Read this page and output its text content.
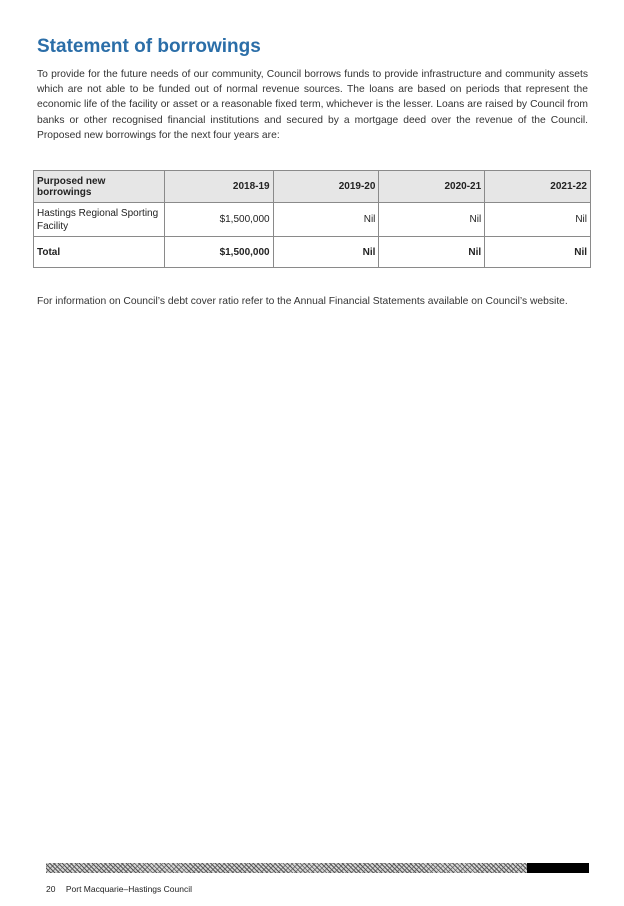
Statement of borrowings

To provide for the future needs of our community, Council borrows funds to provide infrastructure and community assets which are not able to be funded out of normal revenue sources. The loans are based on periods that represent the economic life of the facility or asset or a reasonable fixed term, whichever is the lesser. Loans are raised by Council from banks or other recognised financial institutions and secured by a mortgage deed over the revenue of the Council. Proposed new borrowings for the next four years are:

Purposed new borrowings	2018-19	2019-20	2020-21	2021-22
Hastings Regional Sporting Facility	$1,500,000	Nil	Nil	Nil
Total	$1,500,000	Nil	Nil	Nil

For information on Council’s debt cover ratio refer to the Annual Financial Statements available on Council’s website.

20 Port Macquarie–Hastings Council
